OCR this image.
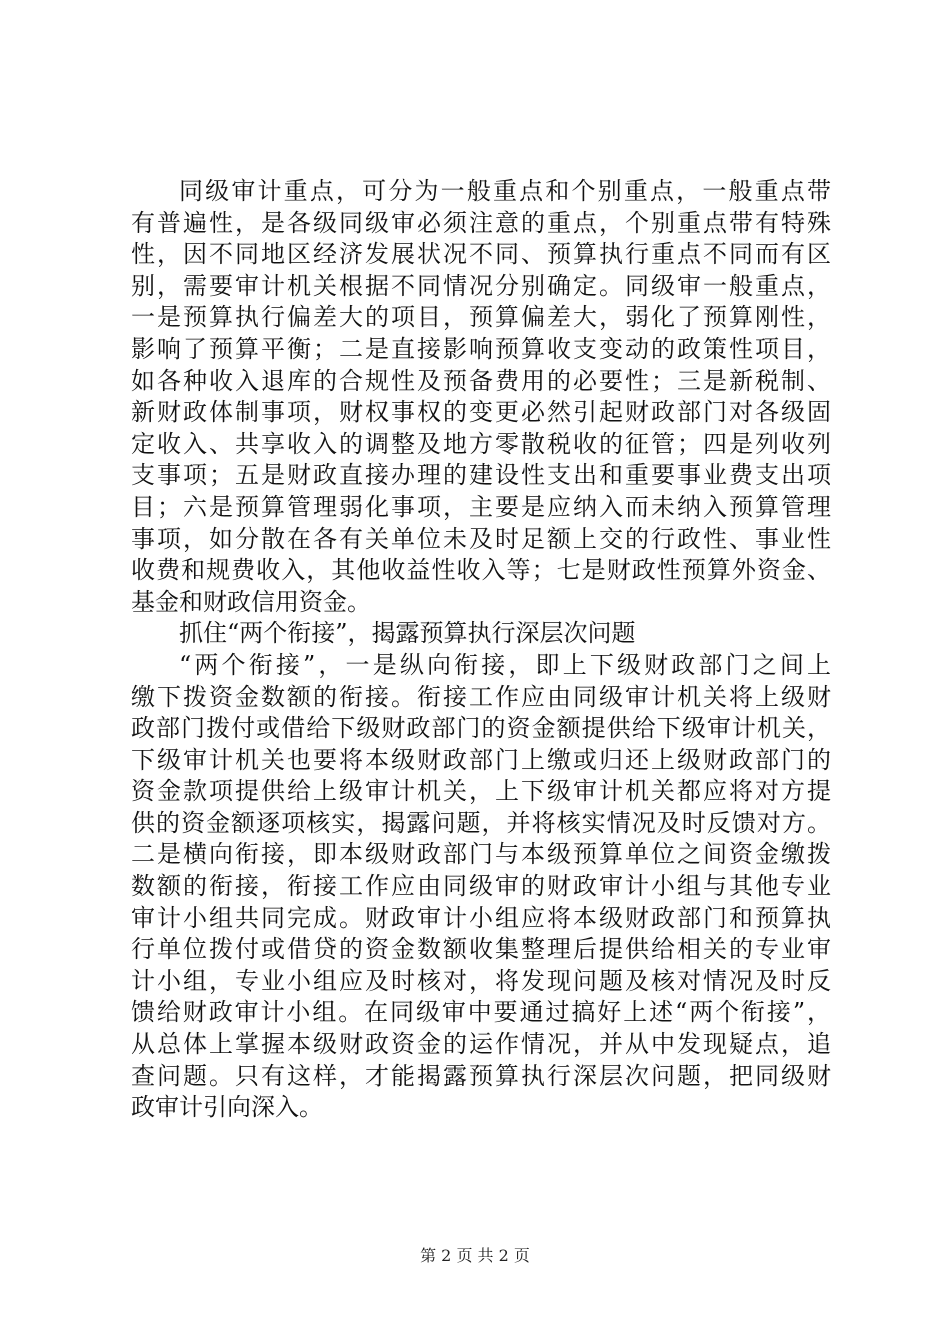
同级审计重点，可分为一般重点和个别重点，一般重点带
有普遍性，是各级同级审必须注意的重点，个别重点带有特殊
性，因不同地区经济发展状况不同、预算执行重点不同而有区
别，需要审计机关根据不同情况分别确定。同级审一般重点，
一是预算执行偏差大的项目，预算偏差大，弱化了预算刚性，
影响了预算平衡；二是直接影响预算收支变动的政策性项目，
如各种收入退库的合规性及预备费用的必要性；三是新税制、
新财政体制事项，财权事权的变更必然引起财政部门对各级固
定收入、共享收入的调整及地方零散税收的征管；四是列收列
支事项；五是财政直接办理的建设性支出和重要事业费支出项
目；六是预算管理弱化事项，主要是应纳入而未纳入预算管理
事项，如分散在各有关单位未及时足额上交的行政性、事业性
收费和规费收入，其他收益性收入等；七是财政性预算外资金、
基金和财政信用资金。
抓住“两个衔接”，揭露预算执行深层次问题
“两个衔接”，一是纵向衔接，即上下级财政部门之间上
缴下拨资金数额的衔接。衔接工作应由同级审计机关将上级财
政部门拨付或借给下级财政部门的资金额提供给下级审计机关，
下级审计机关也要将本级财政部门上缴或归还上级财政部门的
资金款项提供给上级审计机关，上下级审计机关都应将对方提
供的资金额逐项核实，揭露问题，并将核实情况及时反馈对方。
二是横向衔接，即本级财政部门与本级预算单位之间资金缴拨
数额的衔接，衔接工作应由同级审的财政审计小组与其他专业
审计小组共同完成。财政审计小组应将本级财政部门和预算执
行单位拨付或借贷的资金数额收集整理后提供给相关的专业审
计小组，专业小组应及时核对，将发现问题及核对情况及时反
馈给财政审计小组。在同级审中要通过搞好上述“两个衔接”，
从总体上掌握本级财政资金的运作情况，并从中发现疑点，追
查问题。只有这样，才能揭露预算执行深层次问题，把同级财
政审计引向深入。
第 2 页 共 2 页
